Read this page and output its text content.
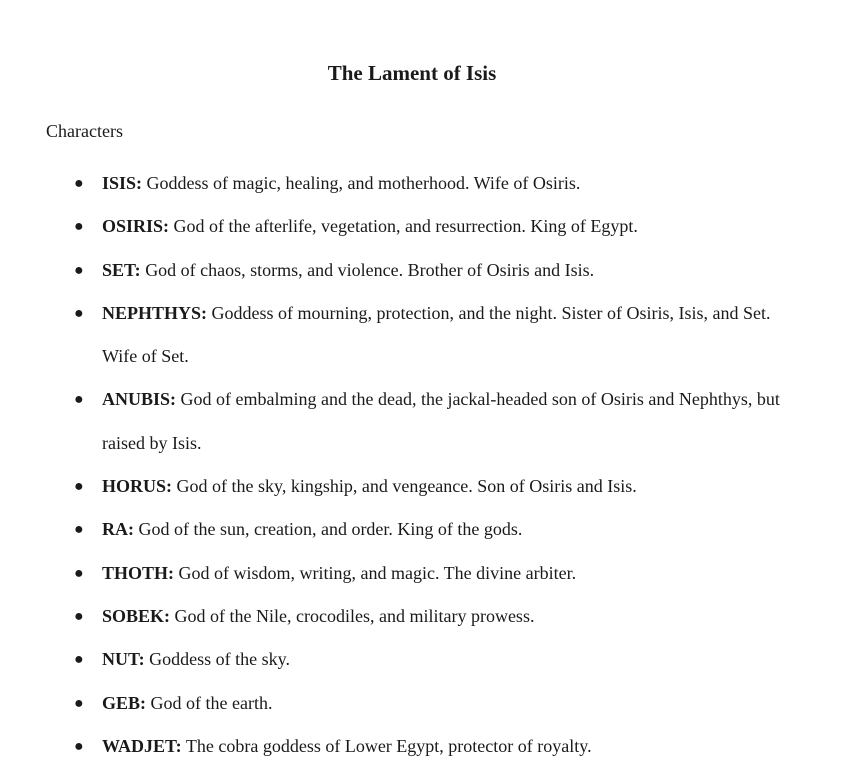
The Lament of Isis

Characters

● ISIS: Goddess of magic, healing, and motherhood. Wife of Osiris.
● OSIRIS: God of the afterlife, vegetation, and resurrection. King of Egypt.
● SET: God of chaos, storms, and violence. Brother of Osiris and Isis.
● NEPHTHYS: Goddess of mourning, protection, and the night. Sister of Osiris, Isis, and Set. Wife of Set.
● ANUBIS: God of embalming and the dead, the jackal-headed son of Osiris and Nephthys, but raised by Isis.
● HORUS: God of the sky, kingship, and vengeance. Son of Osiris and Isis.
● RA: God of the sun, creation, and order. King of the gods.
● THOTH: God of wisdom, writing, and magic. The divine arbiter.
● SOBEK: God of the Nile, crocodiles, and military prowess.
● NUT: Goddess of the sky.
● GEB: God of the earth.
● WADJET: The cobra goddess of Lower Egypt, protector of royalty.
